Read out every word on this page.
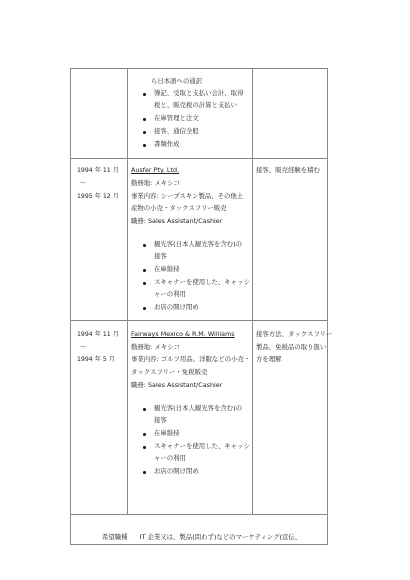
ら日本語への通訳
簿記、受取と支払い会計、取得
税と、販売税の計算と支払い
在庫管理と注文
接客、通信全般
書類作成
1994 年 11 月
～
1995 年 12 月
Ausfer Pty. Ltd.
勤務地: メキシコ
事業内容: シープスキン製品、その他土
産物の小売・タックスフリー販売
職務: Sales Assistant/Cashier
観光客(日本人観光客を含む)の
接客
在庫維持
スキャナーを使用した、キャッシ
ャーの利用
お店の開け閉め
接客、販売経験を積む
1994 年 11 月
～
1994 年 5 月
Fairways Mexico & R.M. Williams
勤務地: メキシコ
事業内容: ゴルフ用品、洋服などの小売・
タックスフリー・免税販売
職務: Sales Assistant/Cashier
観光客(日本人観光客を含む)の
接客
在庫維持
スキャナーを使用した、キャッシ
ャーの利用
お店の開け閉め
接客方法、タックスフリー
製品、免税品の取り扱い
方を理解
希望職種 IT 企業又は、製品(問わず)などのマーケティング(宣伝、
